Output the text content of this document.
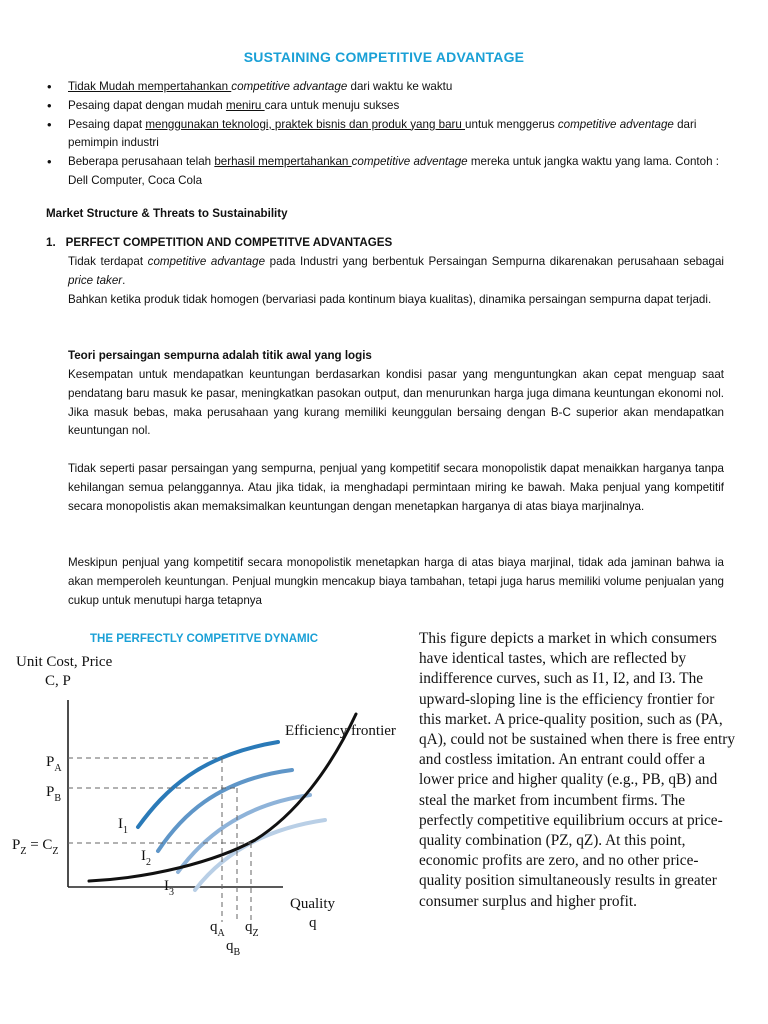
SUSTAINING COMPETITIVE ADVANTAGE
• Tidak Mudah mempertahankan competitive advantage dari waktu ke waktu
• Pesaing dapat dengan mudah meniru cara untuk menuju sukses
• Pesaing dapat menggunakan teknologi, praktek bisnis dan produk yang baru untuk menggerus competitive adventage dari pemimpin industri
• Beberapa perusahaan telah berhasil mempertahankan competitive adventage mereka untuk jangka waktu yang lama. Contoh : Dell Computer, Coca Cola
Market Structure & Threats to Sustainability
1. PERFECT COMPETITION AND COMPETITVE ADVANTAGES
Tidak terdapat competitive advantage pada Industri yang berbentuk Persaingan Sempurna dikarenakan perusahaan sebagai price taker.
Bahkan ketika produk tidak homogen (bervariasi pada kontinum biaya kualitas), dinamika persaingan sempurna dapat terjadi.
Teori persaingan sempurna adalah titik awal yang logis
Kesempatan untuk mendapatkan keuntungan berdasarkan kondisi pasar yang menguntungkan akan cepat menguap saat pendatang baru masuk ke pasar, meningkatkan pasokan output, dan menurunkan harga juga dimana keuntungan ekonomi nol. Jika masuk bebas, maka perusahaan yang kurang memiliki keunggulan bersaing dengan B-C superior akan mendapatkan keuntungan nol.
Tidak seperti pasar persaingan yang sempurna, penjual yang kompetitif secara monopolistik dapat menaikkan harganya tanpa kehilangan semua pelanggannya. Atau jika tidak, ia menghadapi permintaan miring ke bawah. Maka penjual yang kompetitif secara monopolistis akan memaksimalkan keuntungan dengan menetapkan harganya di atas biaya marjinalnya.
Meskipun penjual yang kompetitif secara monopolistik menetapkan harga di atas biaya marjinal, tidak ada jaminan bahwa ia akan memperoleh keuntungan. Penjual mungkin mencakup biaya tambahan, tetapi juga harus memiliki volume penjualan yang cukup untuk menutupi harga tetapnya
THE PERFECTLY COMPETITVE DYNAMIC
Unit Cost, Price
C, P
Efficiency frontier
$P_A$
$P_B$
$P_Z = C_Z$
$I_1$
$I_2$
$I_3$
Quality
q
$q_A$ $q_Z$
$q_B$
This figure depicts a market in which consumers have identical tastes, which are reflected by indifference curves, such as I1, I2, and I3. The upward-sloping line is the efficiency frontier for this market. A price-quality position, such as (PA, qA), could not be sustained when there is free entry and costless imitation. An entrant could offer a lower price and higher quality (e.g., PB, qB) and steal the market from incumbent firms. The perfectly competitive equilibrium occurs at price-quality combination (PZ, qZ). At this point, economic profits are zero, and no other price-quality position simultaneously results in greater consumer surplus and higher profit.
